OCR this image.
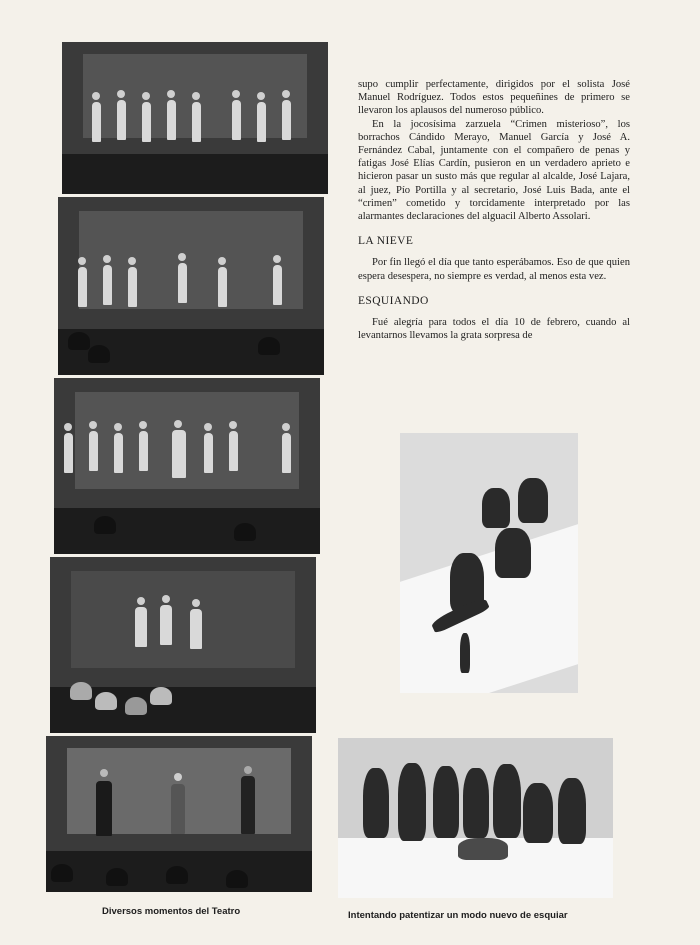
Diversos momentos del Teatro

supo cumplir perfectamente, dirigidos por el solista José Manuel Rodríguez. Todos estos pequeñines de primero se llevaron los aplausos del numeroso público.

En la jocosísima zarzuela “Crimen misterioso”, los borrachos Cándido Merayo, Manuel García y José A. Fernández Cabal, juntamente con el compañero de penas y fatigas José Elías Cardín, pusieron en un verdadero aprieto e hicieron pasar un susto más que regular al alcalde, José Lajara, al juez, Pío Portilla y al secretario, José Luis Bada, ante el “crimen” cometido y torcidamente interpretado por las alarmantes declaraciones del alguacil Alberto Assolari.

LA NIEVE

Por fin llegó el día que tanto esperábamos. Eso de que quien espera desespera, no siempre es verdad, al menos esta vez.

ESQUIANDO

Fué alegría para todos el día 10 de febrero, cuando al levantarnos llevamos la grata sorpresa de

Intentando patentizar un modo nuevo de esquiar
